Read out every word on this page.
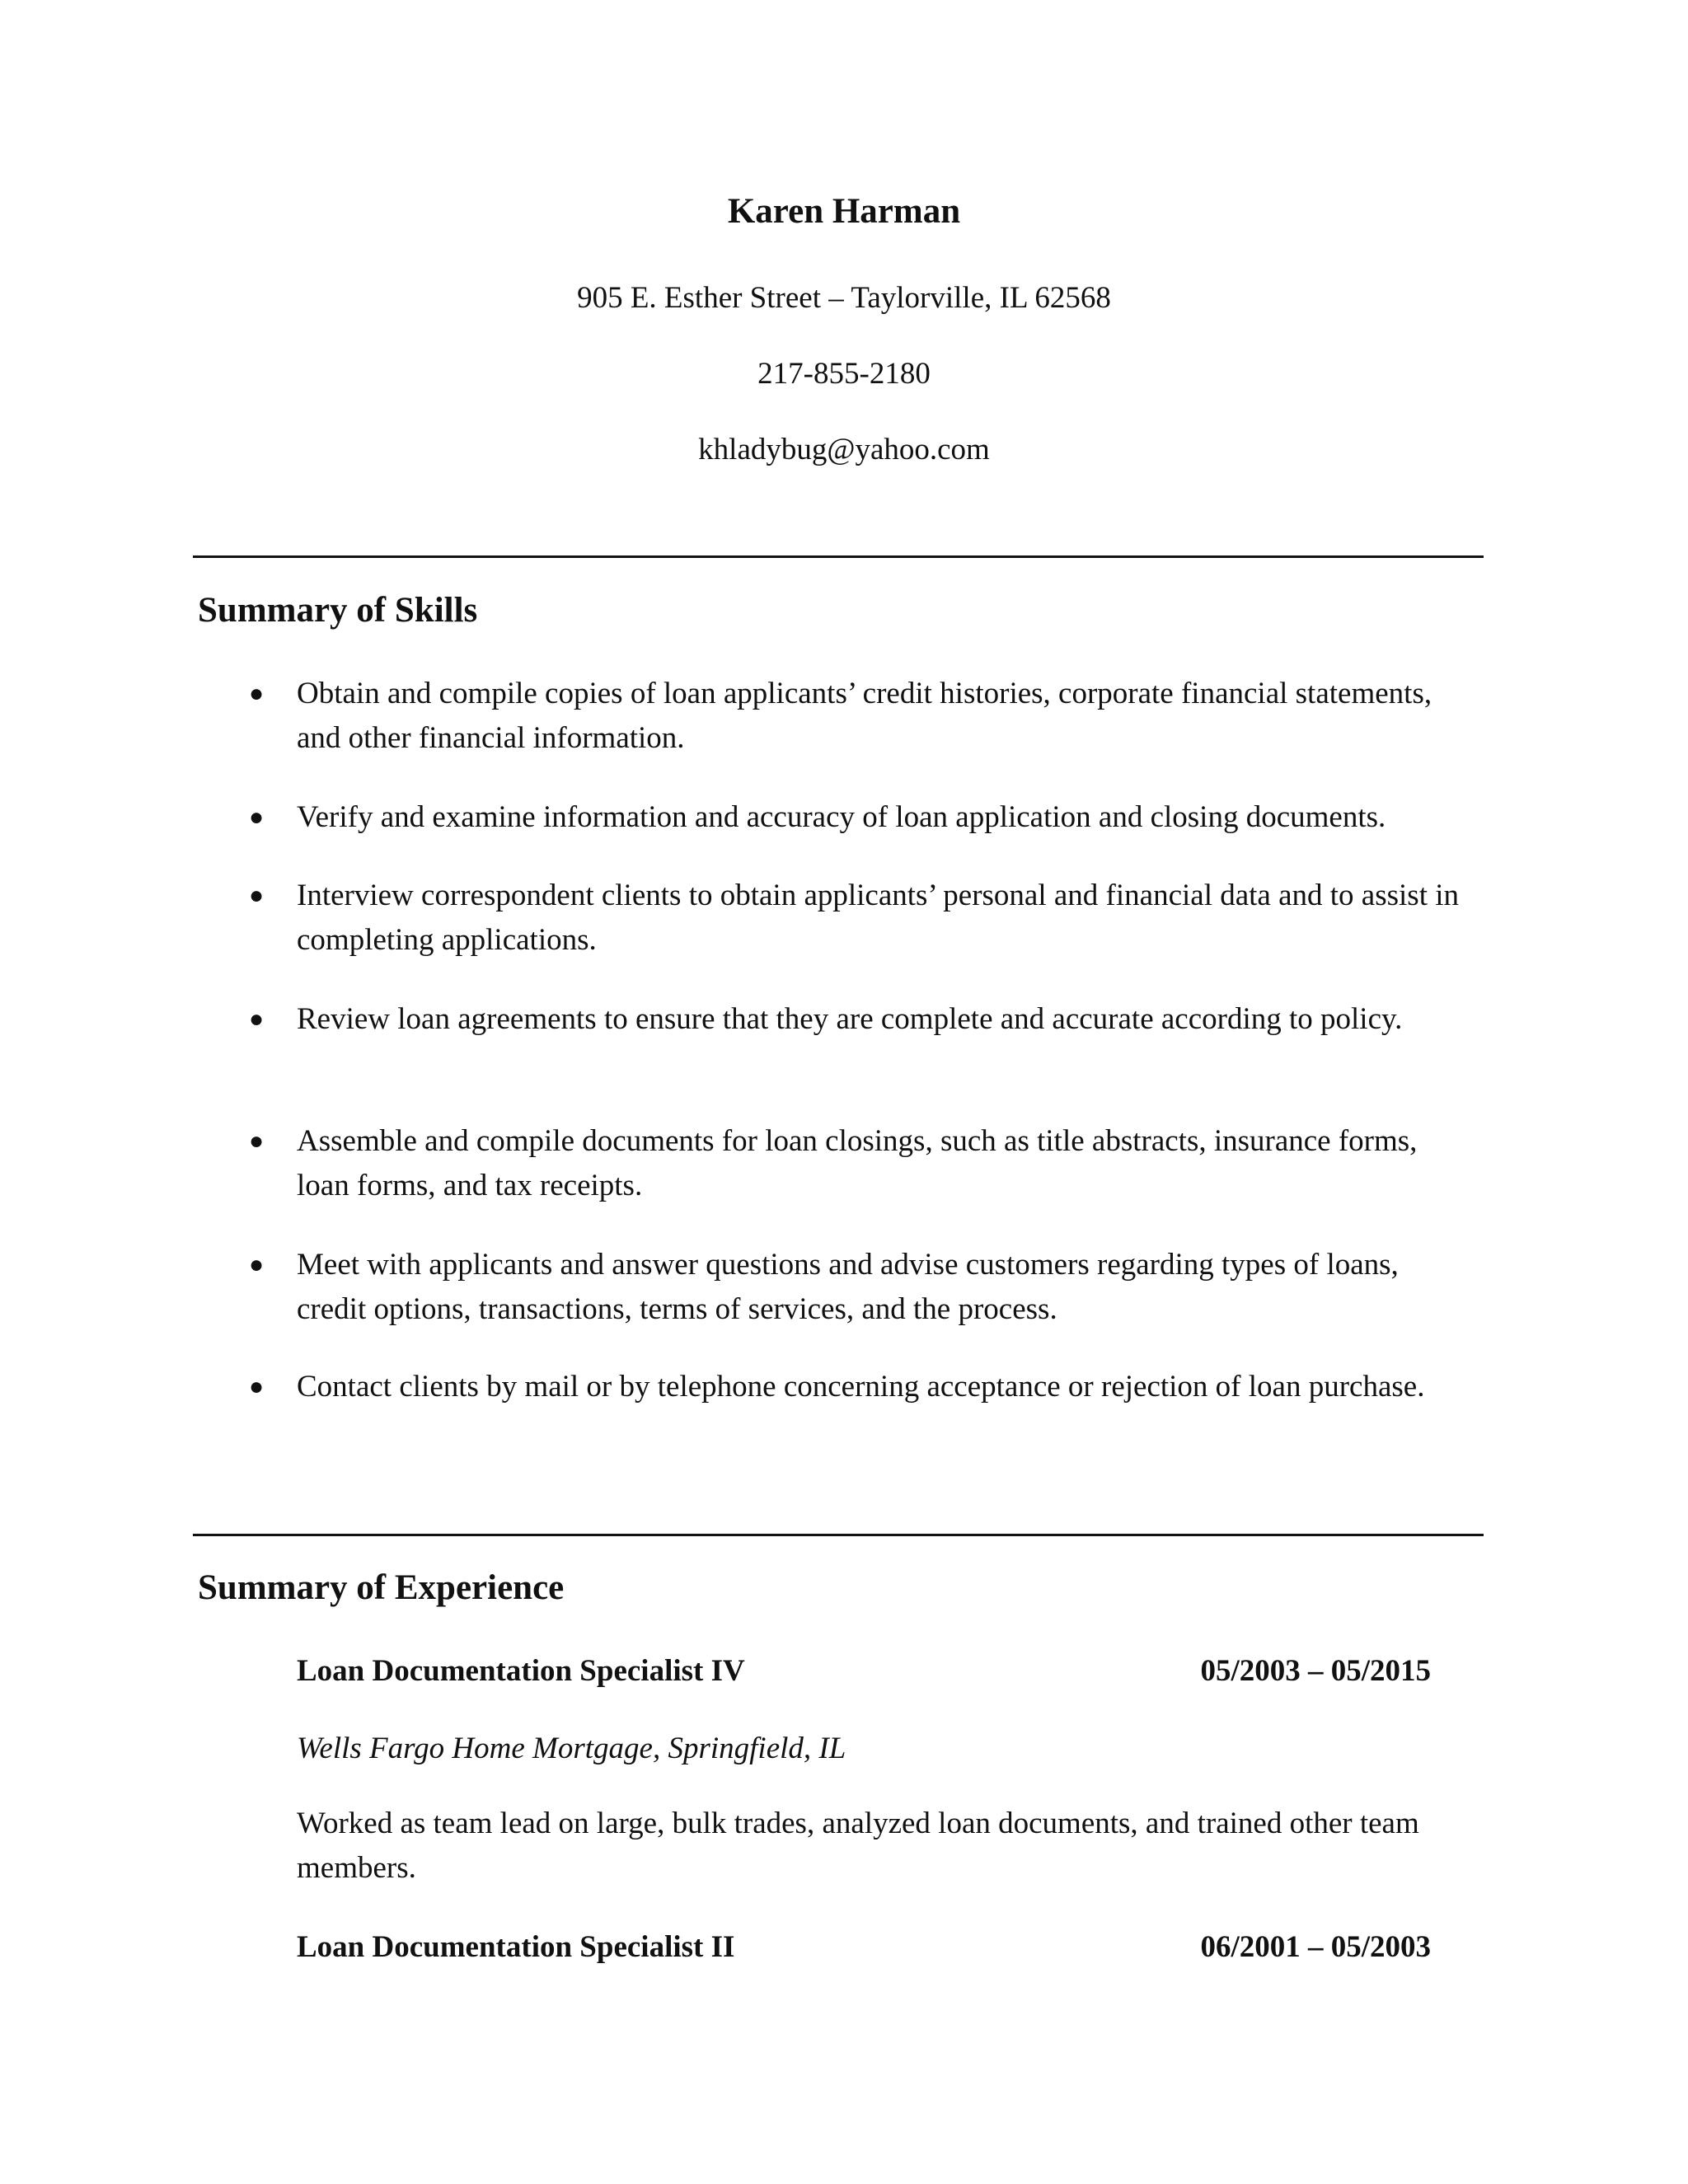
Karen Harman
905 E. Esther Street – Taylorville, IL 62568
217-855-2180
khladybug@yahoo.com
Summary of Skills
● Obtain and compile copies of loan applicants’ credit histories, corporate financial statements, and other financial information.
● Verify and examine information and accuracy of loan application and closing documents.
● Interview correspondent clients to obtain applicants’ personal and financial data and to assist in completing applications.
● Review loan agreements to ensure that they are complete and accurate according to policy.
● Assemble and compile documents for loan closings, such as title abstracts, insurance forms, loan forms, and tax receipts.
● Meet with applicants and answer questions and advise customers regarding types of loans, credit options, transactions, terms of services, and the process.
● Contact clients by mail or by telephone concerning acceptance or rejection of loan purchase.
Summary of Experience
Loan Documentation Specialist IV	05/2003 – 05/2015
Wells Fargo Home Mortgage, Springfield, IL
Worked as team lead on large, bulk trades, analyzed loan documents, and trained other team members.
Loan Documentation Specialist II	06/2001 – 05/2003
